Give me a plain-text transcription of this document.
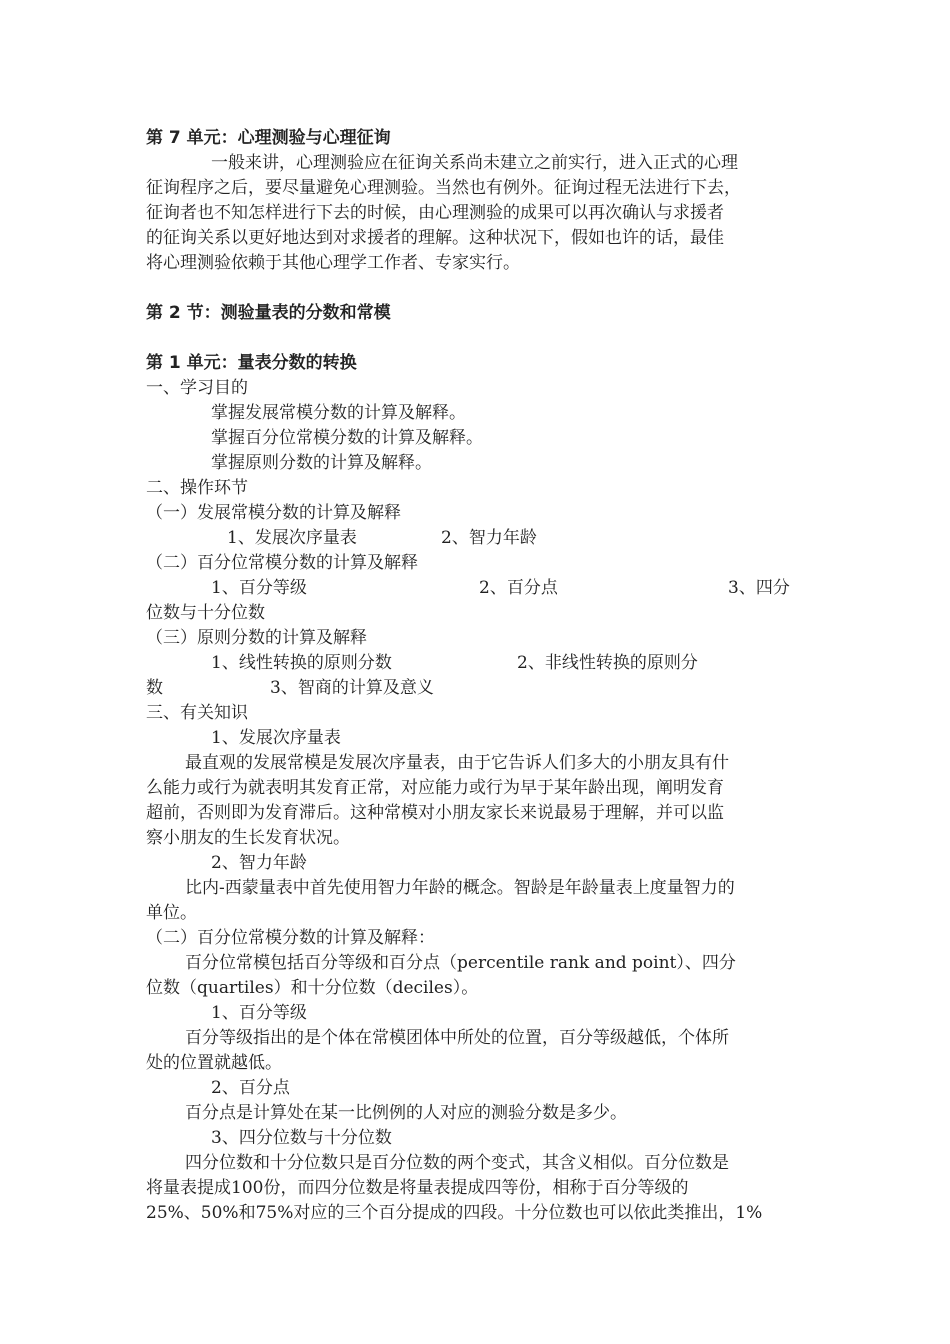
第 7 单元：心理测验与心理征询
一般来讲，心理测验应在征询关系尚未建立之前实行，进入正式的心理
征询程序之后，要尽量避免心理测验。当然也有例外。征询过程无法进行下去，
征询者也不知怎样进行下去的时候，由心理测验的成果可以再次确认与求援者
的征询关系以更好地达到对求援者的理解。这种状况下，假如也许的话，最佳
将心理测验依赖于其他心理学工作者、专家实行。
第 2 节：测验量表的分数和常模
第 1 单元：量表分数的转换
一、学习目的
掌握发展常模分数的计算及解释。
掌握百分位常模分数的计算及解释。
掌握原则分数的计算及解释。
二、操作环节
（一）发展常模分数的计算及解释
1、发展次序量表	2、智力年龄
（二）百分位常模分数的计算及解释
1、百分等级	2、百分点	3、四分
位数与十分位数
（三）原则分数的计算及解释
1、线性转换的原则分数	2、非线性转换的原则分
数	3、智商的计算及意义
三、有关知识
1、发展次序量表
最直观的发展常模是发展次序量表，由于它告诉人们多大的小朋友具有什
么能力或行为就表明其发育正常，对应能力或行为早于某年龄出现，阐明发育
超前，否则即为发育滞后。这种常模对小朋友家长来说最易于理解，并可以监
察小朋友的生长发育状况。
2、智力年龄
比内-西蒙量表中首先使用智力年龄的概念。智龄是年龄量表上度量智力的
单位。
（二）百分位常模分数的计算及解释：
百分位常模包括百分等级和百分点（percentile rank and point）、四分
位数（quartiles）和十分位数（deciles）。
1、百分等级
百分等级指出的是个体在常模团体中所处的位置，百分等级越低，个体所
处的位置就越低。
2、百分点
百分点是计算处在某一比例例的人对应的测验分数是多少。
3、四分位数与十分位数
四分位数和十分位数只是百分位数的两个变式，其含义相似。百分位数是
将量表提成100份，而四分位数是将量表提成四等份，相称于百分等级的
25%、50%和75%对应的三个百分提成的四段。十分位数也可以依此类推出，1%
